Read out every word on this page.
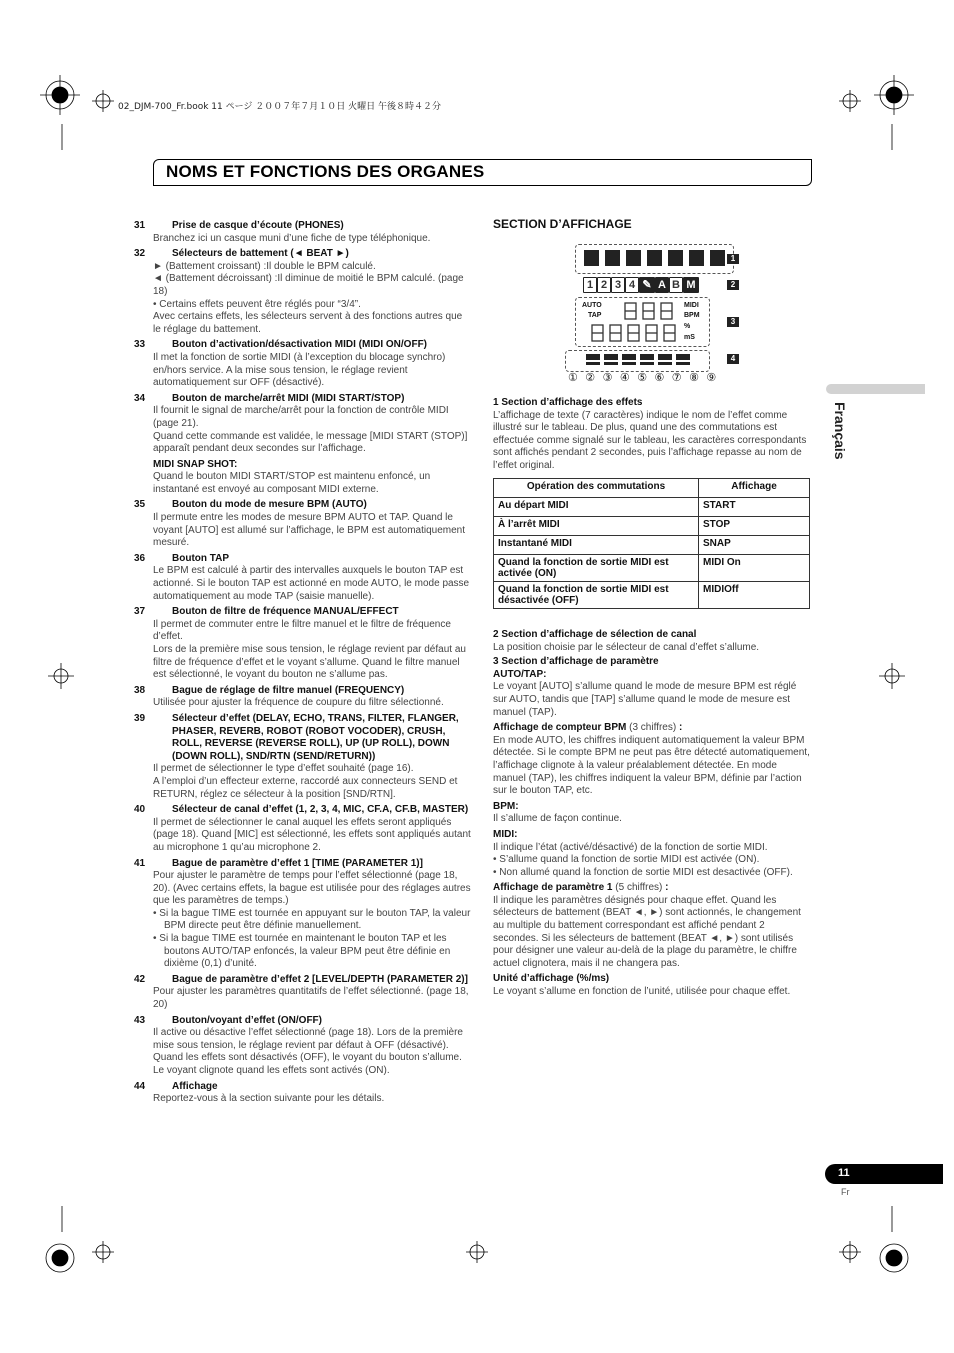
02_DJM-700_Fr.book 11 ページ ２００７年７月１０日 火曜日 午後８時４２分
NOMS ET FONCTIONS DES ORGANES

31	Prise de casque d’écoute (PHONES)

Branchez ici un casque muni d’une fiche de type téléphonique.

32	Sélecteurs de battement (◄ BEAT ►)

► (Battement croissant) :Il double le BPM calculé.

◄ (Battement décroissant) :Il diminue de moitié le BPM calculé. (page 18)

• Certains effets peuvent être réglés pour “3/4”.

Avec certains effets, les sélecteurs servent à des fonctions autres que le réglage du battement.

33	Bouton d’activation/désactivation MIDI (MIDI ON/OFF)

Il met la fonction de sortie MIDI (à l’exception du blocage synchro) en/hors service. A la mise sous tension, le réglage revient automatiquement sur OFF (désactivé).

34	Bouton de marche/arrêt MIDI (MIDI START/STOP)

Il fournit le signal de marche/arrêt pour la fonction de contrôle MIDI (page 21).

Quand cette commande est validée, le message [MIDI START (STOP)] apparaît pendant deux secondes sur l’affichage.

MIDI SNAP SHOT:

Quand le bouton MIDI START/STOP est maintenu enfoncé, un instantané est envoyé au composant MIDI externe.

35	Bouton du mode de mesure BPM (AUTO)

Il permute entre les modes de mesure BPM AUTO et TAP. Quand le voyant [AUTO] est allumé sur l’affichage, le BPM est automatiquement mesuré.

36	Bouton TAP

Le BPM est calculé à partir des intervalles auxquels le bouton TAP est actionné. Si le bouton TAP est actionné en mode AUTO, le mode passe automatiquement au mode TAP (saisie manuelle).

37	Bouton de filtre de fréquence MANUAL/EFFECT

Il permet de commuter entre le filtre manuel et le filtre de fréquence d’effet.

Lors de la première mise sous tension, le réglage revient par défaut au filtre de fréquence d’effet et le voyant s’allume. Quand le filtre manuel est sélectionné, le voyant du bouton ne s’allume pas.

38	Bague de réglage de filtre manuel (FREQUENCY)

Utilisée pour ajuster la fréquence de coupure du filtre sélectionné.

39	Sélecteur d’effet (DELAY, ECHO, TRANS, FILTER, FLANGER, PHASER, REVERB, ROBOT (ROBOT VOCODER), CRUSH, ROLL, REVERSE (REVERSE ROLL), UP (UP ROLL), DOWN (DOWN ROLL), SND/RTN (SEND/RETURN))

Il permet de sélectionner le type d’effet souhaité (page 16).

A l’emploi d’un effecteur externe, raccordé aux connecteurs SEND et RETURN, réglez ce sélecteur à la position [SND/RTN].

40	Sélecteur de canal d’effet (1, 2, 3, 4, MIC, CF.A, CF.B, MASTER)

Il permet de sélectionner le canal auquel les effets seront appliqués (page 18). Quand [MIC] est sélectionné, les effets sont appliqués autant au microphone 1 qu’au microphone 2.

41	Bague de paramètre d’effet 1 [TIME (PARAMETER 1)]

Pour ajuster le paramètre de temps pour l’effet sélectionné (page 18, 20). (Avec certains effets, la bague est utilisée pour des réglages autres que les paramètres de temps.)

• Si la bague TIME est tournée en appuyant sur le bouton TAP, la valeur BPM directe peut être définie manuellement.

• Si la bague TIME est tournée en maintenant le bouton TAP et les boutons AUTO/TAP enfoncés, la valeur BPM peut être définie en dixième (0,1) d’unité.

42	Bague de paramètre d’effet 2 [LEVEL/DEPTH (PARAMETER 2)]

Pour ajuster les paramètres quantitatifs de l’effet sélectionné. (page 18, 20)

43	Bouton/voyant d’effet (ON/OFF)

Il active ou désactive l’effet sélectionné (page 18). Lors de la première mise sous tension, le réglage revient par défaut à OFF (désactivé). Quand les effets sont désactivés (OFF), le voyant du bouton s’allume. Le voyant clignote quand les effets sont activés (ON).

44	Affichage

Reportez-vous à la section suivante pour les détails.

SECTION D’AFFICHAGE
1
1 2 3 4 ✎ A B M	2
AUTO
TAP
MIDI
BPM
%
mS
3
4
① ② ③ ④ ⑤ ⑥ ⑦ ⑧ ⑨

1 Section d’affichage des effets

L’affichage de texte (7 caractères) indique le nom de l’effet comme illustré sur le tableau. De plus, quand une des commutations est effectuée comme signalé sur le tableau, les caractères correspondants sont affichés pendant 2 secondes, puis l’affichage repasse au nom de l’effet original.

Opération des commutations	Affichage
Au départ MIDI	START
À l’arrêt MIDI	STOP
Instantané MIDI	SNAP
Quand la fonction de sortie MIDI est activée (ON)	MIDI On
Quand la fonction de sortie MIDI est désactivée (OFF)	MIDIOff

2 Section d’affichage de sélection de canal

La position choisie par le sélecteur de canal d’effet s’allume.

3 Section d’affichage de paramètre

AUTO/TAP:

Le voyant [AUTO] s’allume quand le mode de mesure BPM est réglé sur AUTO, tandis que [TAP] s’allume quand le mode de mesure est manuel (TAP).

Affichage de compteur BPM (3 chiffres) :

En mode AUTO, les chiffres indiquent automatiquement la valeur BPM détectée. Si le compte BPM ne peut pas être détecté automatiquement, l’affichage clignote à la valeur préalablement détectée. En mode manuel (TAP), les chiffres indiquent la valeur BPM, définie par l’action sur le bouton TAP, etc.

BPM:

Il s’allume de façon continue.

MIDI:

Il indique l’état (activé/désactivé) de la fonction de sortie MIDI.

• S’allume quand la fonction de sortie MIDI est activée (ON).

• Non allumé quand la fonction de sortie MIDI est desactivée (OFF).

Affichage de paramètre 1 (5 chiffres) :

Il indique les paramètres désignés pour chaque effet. Quand les sélecteurs de battement (BEAT ◄, ►) sont actionnés, le changement au multiple du battement correspondant est affiché pendant 2 secondes. Si les sélecteurs de battement (BEAT ◄, ►) sont utilisés pour désigner une valeur au-delà de la plage du paramètre, le chiffre actuel clignotera, mais il ne changera pas.

Unité d’affichage (%/ms)

Le voyant s’allume en fonction de l’unité, utilisée pour chaque effet.

Français
11
Fr
